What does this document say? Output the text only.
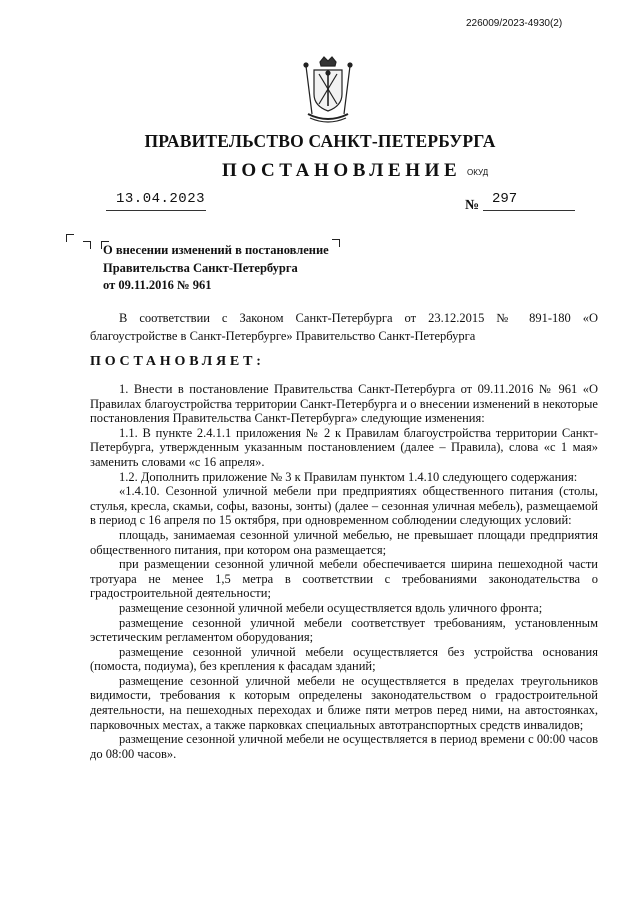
226009/2023-4930(2)
ПРАВИТЕЛЬСТВО САНКТ-ПЕТЕРБУРГА
ПОСТАНОВЛЕНИЕ ОКУД
13.04.2023	№ 297
О внесении изменений в постановление
Правительства Санкт-Петербурга
от 09.11.2016 № 961

В соответствии с Законом Санкт-Петербурга от 23.12.2015 № 891-180 «О благоустройстве в Санкт-Петербурге» Правительство Санкт-Петербурга

ПОСТАНОВЛЯЕТ:

1. Внести в постановление Правительства Санкт-Петербурга от 09.11.2016 № 961 «О Правилах благоустройства территории Санкт-Петербурга и о внесении изменений в некоторые постановления Правительства Санкт-Петербурга» следующие изменения:

1.1. В пункте 2.4.1.1 приложения № 2 к Правилам благоустройства территории Санкт-Петербурга, утвержденным указанным постановлением (далее – Правила), слова «с 1 мая» заменить словами «с 16 апреля».

1.2. Дополнить приложение № 3 к Правилам пунктом 1.4.10 следующего содержания:

«1.4.10. Сезонной уличной мебели при предприятиях общественного питания (столы, стулья, кресла, скамьи, софы, вазоны, зонты) (далее – сезонная уличная мебель), размещаемой в период с 16 апреля по 15 октября, при одновременном соблюдении следующих условий:

площадь, занимаемая сезонной уличной мебелью, не превышает площади предприятия общественного питания, при котором она размещается;

при размещении сезонной уличной мебели обеспечивается ширина пешеходной части тротуара не менее 1,5 метра в соответствии с требованиями законодательства о градостроительной деятельности;

размещение сезонной уличной мебели осуществляется вдоль уличного фронта;

размещение сезонной уличной мебели соответствует требованиям, установленным эстетическим регламентом оборудования;

размещение сезонной уличной мебели осуществляется без устройства основания (помоста, подиума), без крепления к фасадам зданий;

размещение сезонной уличной мебели не осуществляется в пределах треугольников видимости, требования к которым определены законодательством о градостроительной деятельности, на пешеходных переходах и ближе пяти метров перед ними, на автостоянках, парковочных местах, а также парковках специальных автотранспортных средств инвалидов;

размещение сезонной уличной мебели не осуществляется в период времени с 00:00 часов до 08:00 часов».
